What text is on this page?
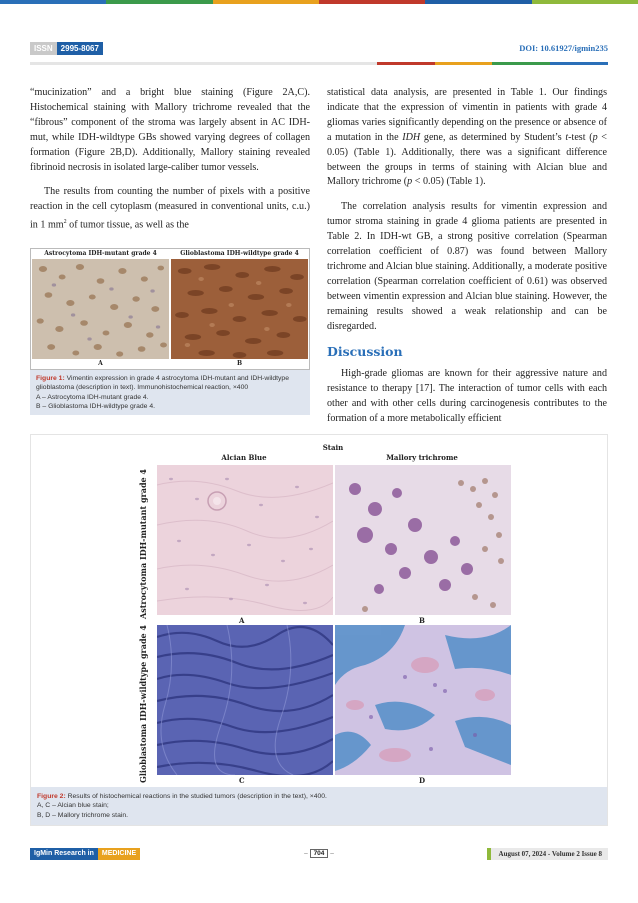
ISSN	2995-8067	DOI: 10.61927/igmin235

“mucinization” and a bright blue staining (Figure 2A,C). Histochemical staining with Mallory trichrome revealed that the “fibrous” component of the stroma was largely absent in AC IDH-mut, while IDH-wildtype GBs showed varying degrees of collagen formation (Figure 2B,D). Additionally, Mallory staining revealed fibrinoid necrosis in isolated large-caliber tumor vessels.

The results from counting the number of pixels with a positive reaction in the cell cytoplasm (measured in conventional units, c.u.) in 1 $mm^2$ of tumor tissue, as well as the

Astrocytoma IDH-mutant grade 4	Glioblastoma IDH-wildtype grade 4
A	B
Figure 1: Vimentin expression in grade 4 astrocytoma IDH-mutant and IDH-wildtype glioblastoma (description in text). Immunohistochemical reaction, ×400
A – Astrocytoma IDH-mutant grade 4.
B – Glioblastoma IDH-wildtype grade 4.

statistical data analysis, are presented in Table 1. Our findings indicate that the expression of vimentin in patients with grade 4 gliomas varies significantly depending on the presence or absence of a mutation in the IDH gene, as determined by Student’s t-test (p < 0.05) (Table 1). Additionally, there was a significant difference between the groups in terms of staining with Alcian blue and Mallory trichrome (p < 0.05) (Table 1).

The correlation analysis results for vimentin expression and tumor stroma staining in grade 4 glioma patients are presented in Table 2. In IDH-wt GB, a strong positive correlation (Spearman correlation coefficient of 0.87) was found between Mallory trichrome and Alcian blue staining. Additionally, a moderate positive correlation (Spearman correlation coefficient of 0.61) was observed between vimentin expression and Alcian blue staining. However, the remaining results showed a weak relationship and can be disregarded.

Discussion

High-grade gliomas are known for their aggressive nature and resistance to therapy [17]. The interaction of tumor cells with each other and with other cells during carcinogenesis contributes to the formation of a more metabolically efficient

Stain
Alcian Blue	Mallory trichrome
Astrocytoma IDH-mutant grade 4
Glioblastoma IDH-wildtype grade 4
A	B
C	D
Figure 2: Results of histochemical reactions in the studied tumors (description in the text), ×400.
A, C – Alcian blue stain;
B, D – Mallory trichrome stain.
IgMin Research in	MEDICINE	– 704 –	August 07, 2024 - Volume 2 Issue 8
